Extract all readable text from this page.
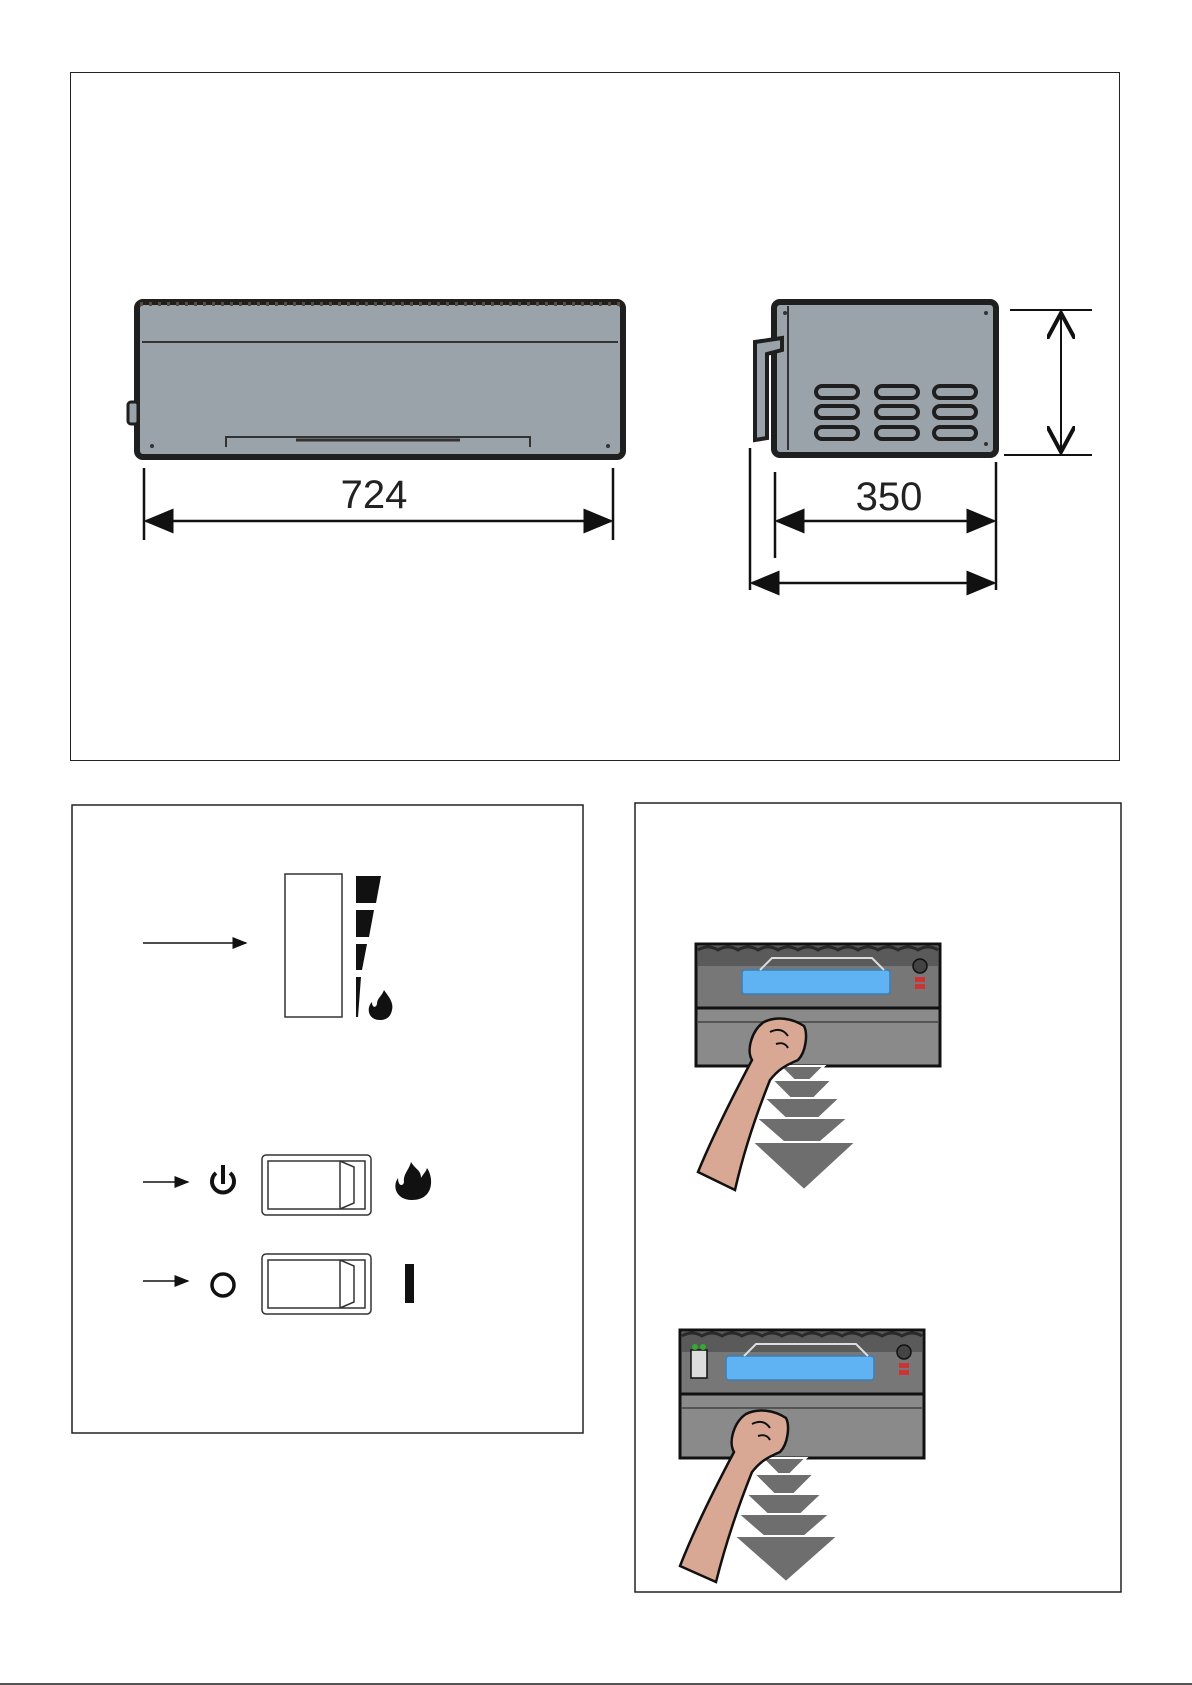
724	350
